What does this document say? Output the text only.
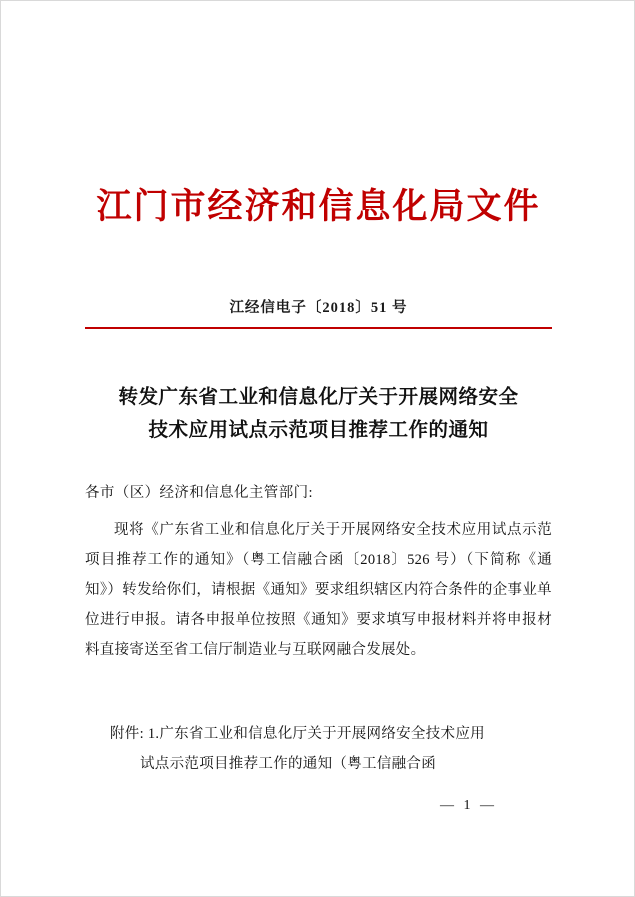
江门市经济和信息化局文件
江经信电子〔2018〕51 号
转发广东省工业和信息化厅关于开展网络安全
技术应用试点示范项目推荐工作的通知
各市（区）经济和信息化主管部门:
现将《广东省工业和信息化厅关于开展网络安全技术应用试点示范项目推荐工作的通知》（粤工信融合函〔2018〕526 号）（下简称《通知》）转发给你们，请根据《通知》要求组织辖区内符合条件的企事业单位进行申报。请各申报单位按照《通知》要求填写申报材料并将申报材料直接寄送至省工信厅制造业与互联网融合发展处。
附件: 1.广东省工业和信息化厅关于开展网络安全技术应用
试点示范项目推荐工作的通知（粤工信融合函
— 1 —
